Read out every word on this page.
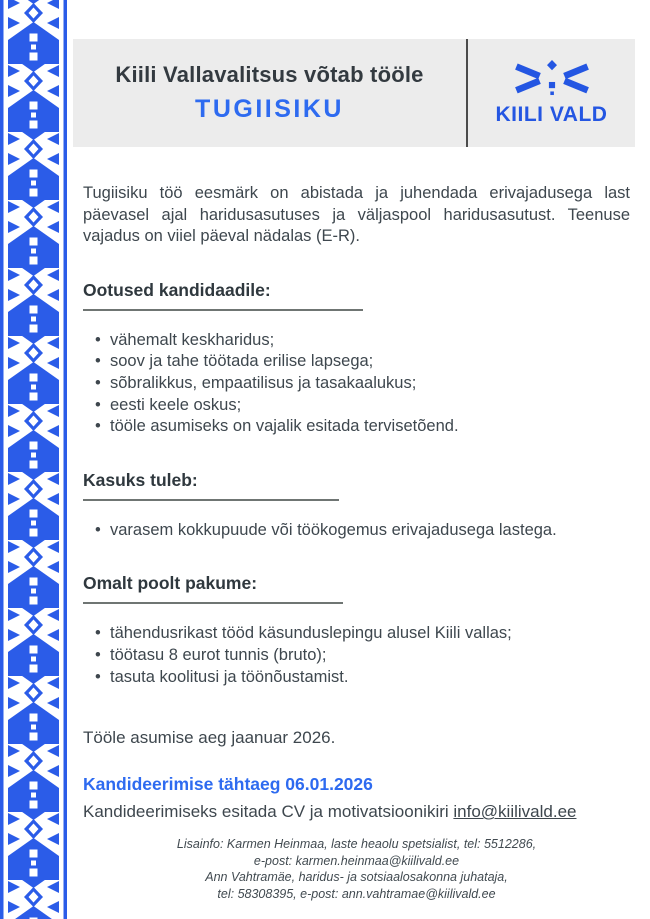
Kiili Vallavalitsus võtab tööle
TUGIISIKU	KIILI VALD

Tugiisiku töö eesmärk on abistada ja juhendada erivajadusega last päevasel ajal haridusasutuses ja väljaspool haridusasutust. Teenuse vajadus on viiel päeval nädalas (E-R).

Ootused kandidaadile:
• vähemalt keskharidus;
• soov ja tahe töötada erilise lapsega;
• sõbralikkus, empaatilisus ja tasakaalukus;
• eesti keele oskus;
• tööle asumiseks on vajalik esitada tervisetõend.
Kasuks tuleb:
• varasem kokkupuude või töökogemus erivajadusega lastega.
Omalt poolt pakume:
• tähendusrikast tööd käsunduslepingu alusel Kiili vallas;
• töötasu 8 eurot tunnis (bruto);
• tasuta koolitusi ja töönõustamist.
Tööle asumise aeg jaanuar 2026.
Kandideerimise tähtaeg 06.01.2026
Kandideerimiseks esitada CV ja motivatsioonikiri info@kiilivald.ee
Lisainfo: Karmen Heinmaa, laste heaolu spetsialist, tel: 5512286,
e-post: karmen.heinmaa@kiilivald.ee
Ann Vahtramäe, haridus- ja sotsiaalosakonna juhataja,
tel: 58308395, e-post: ann.vahtramae@kiilivald.ee
